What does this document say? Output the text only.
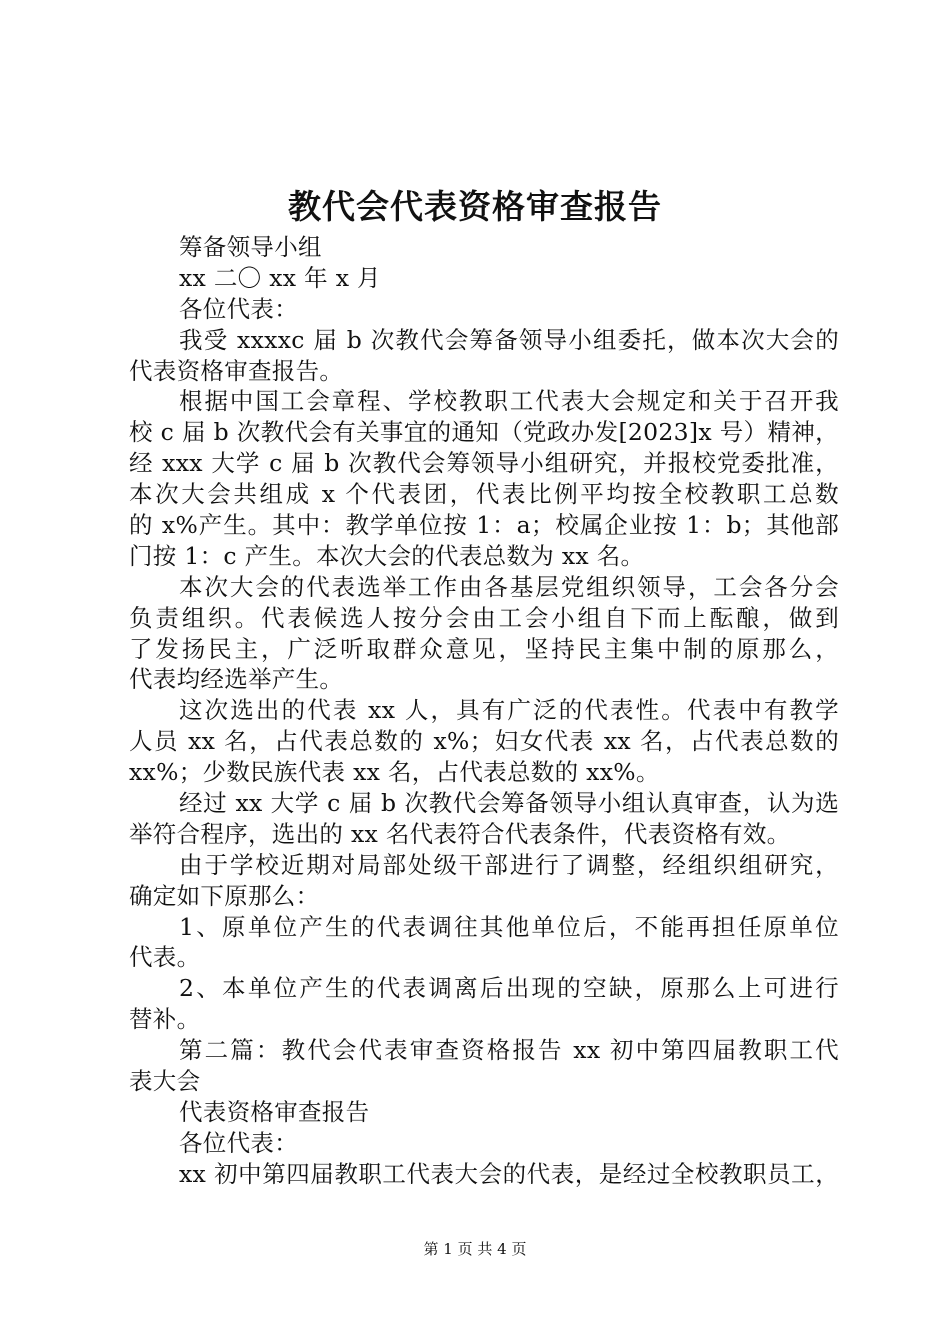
教代会代表资格审查报告

筹备领导小组

xx 二〇 xx 年 x 月

各位代表：

我受 xxxxc 届 b 次教代会筹备领导小组委托，做本次大会的

代表资格审查报告。

根据中国工会章程、学校教职工代表大会规定和关于召开我

校 c 届 b 次教代会有关事宜的通知（党政办发[2023]x 号）精神，

经 xxx 大学 c 届 b 次教代会筹领导小组研究，并报校党委批准，

本次大会共组成 x 个代表团，代表比例平均按全校教职工总数

的 x%产生。其中：教学单位按 1：a；校属企业按 1：b；其他部

门按 1：c 产生。本次大会的代表总数为 xx 名。

本次大会的代表选举工作由各基层党组织领导，工会各分会

负责组织。代表候选人按分会由工会小组自下而上酝酿，做到

了发扬民主，广泛听取群众意见，坚持民主集中制的原那么，

代表均经选举产生。

这次选出的代表 xx 人，具有广泛的代表性。代表中有教学

人员 xx 名，占代表总数的 x%；妇女代表 xx 名，占代表总数的

xx%；少数民族代表 xx 名，占代表总数的 xx%。

经过 xx 大学 c 届 b 次教代会筹备领导小组认真审查，认为选

举符合程序，选出的 xx 名代表符合代表条件，代表资格有效。

由于学校近期对局部处级干部进行了调整，经组织组研究，

确定如下原那么：

1、原单位产生的代表调往其他单位后，不能再担任原单位

代表。

2、本单位产生的代表调离后出现的空缺，原那么上可进行

替补。

第二篇：教代会代表审查资格报告 xx 初中第四届教职工代

表大会

代表资格审查报告

各位代表：

xx 初中第四届教职工代表大会的代表，是经过全校教职员工，

第 1 页 共 4 页
